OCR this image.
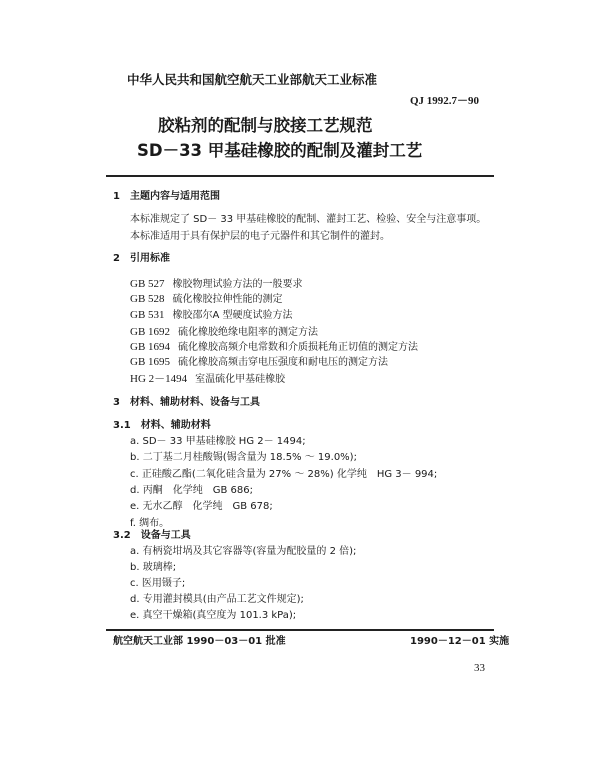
中华人民共和国航空航天工业部航天工业标准
QJ 1992.7－90
胶粘剂的配制与胶接工艺规范
SD－33 甲基硅橡胶的配制及灌封工艺
1　主题内容与适用范围
本标准规定了 SD－ 33 甲基硅橡胶的配制、灌封工艺、检验、安全与注意事项。
本标准适用于具有保护层的电子元器件和其它制件的灌封。
2　引用标准
GB 527 橡胶物理试验方法的一般要求
GB 528 硫化橡胶拉伸性能的测定
GB 531 橡胶邵尔A 型硬度试验方法
GB 1692 硫化橡胶绝缘电阻率的测定方法
GB 1694 硫化橡胶高频介电常数和介质损耗角正切值的测定方法
GB 1695 硫化橡胶高频击穿电压强度和耐电压的测定方法
HG 2－1494 室温硫化甲基硅橡胶
3　材料、辅助材料、设备与工具
3.1　材料、辅助材料
a. SD－ 33 甲基硅橡胶 HG 2－ 1494;
b. 二丁基二月桂酸锡(锡含量为 18.5% ～ 19.0%);
c. 正硅酸乙酯(二氧化硅含量为 27% ～ 28%) 化学纯　HG 3－ 994;
d. 丙酮　化学纯　GB 686;
e. 无水乙醇　化学纯　GB 678;
f. 绸布。
3.2　设备与工具
a. 有柄瓷坩埚及其它容器等(容量为配胶量的 2 倍);
b. 玻璃棒;
c. 医用镊子;
d. 专用灌封模具(由产品工艺文件规定);
e. 真空干燥箱(真空度为 101.3 kPa);
航空航天工业部 1990－03－01 批准	1990－12－01 实施
33
